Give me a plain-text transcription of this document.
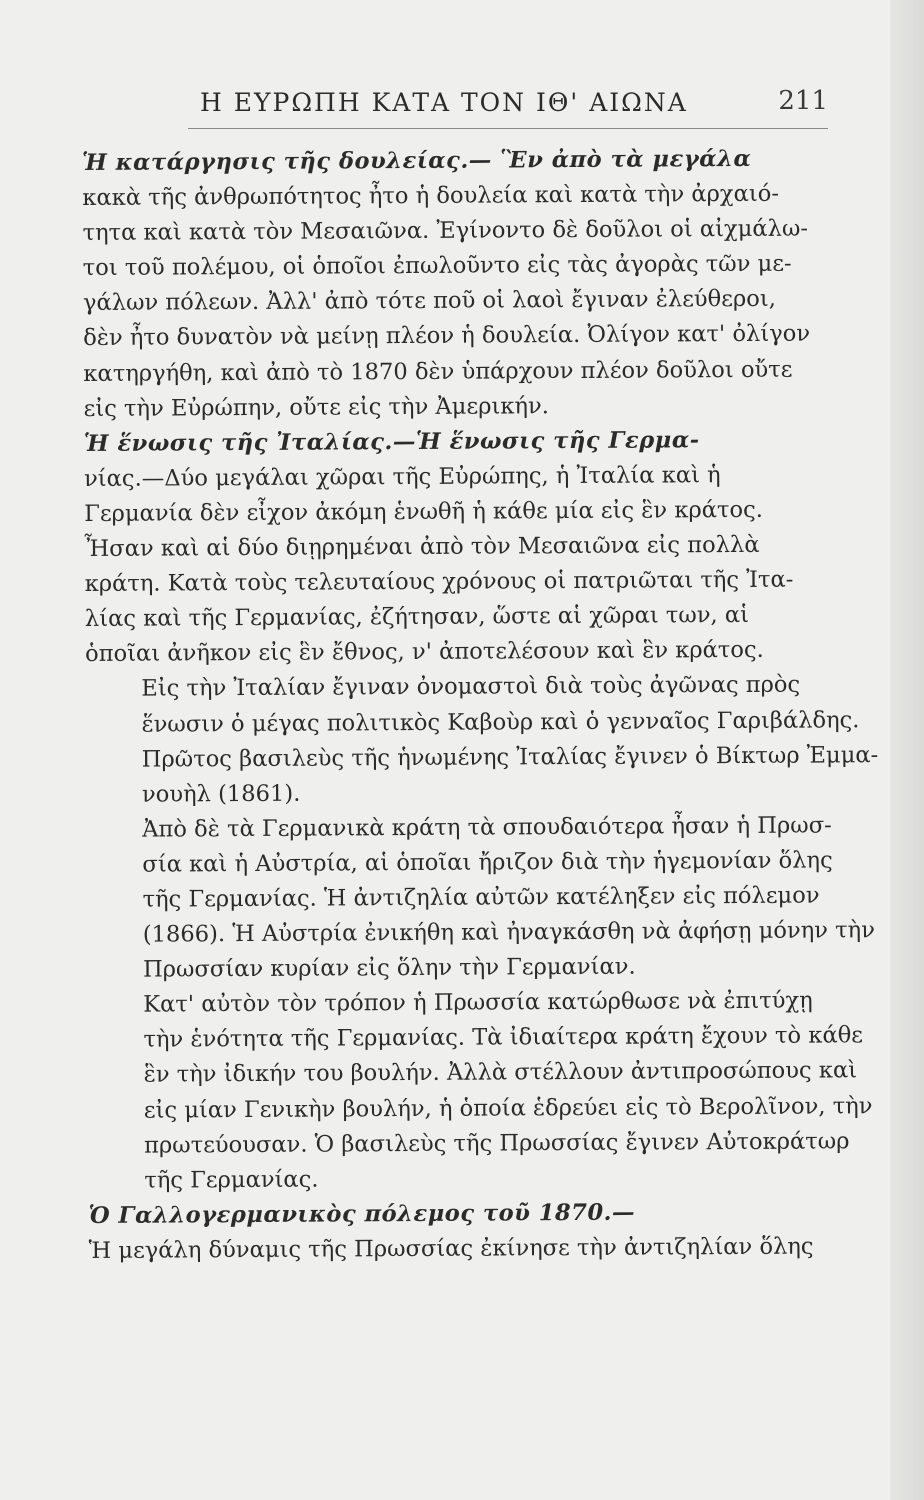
Η ΕΥΡΩΠΗ ΚΑΤΑ ΤΟΝ ΙΘ' ΑΙΩΝΑ	211

Ἡ κατάργησις τῆς δουλείας.— Ἓν ἀπὸ τὰ μεγάλα
κακὰ τῆς ἀνθρωπότητος ἦτο ἡ δουλεία καὶ κατὰ τὴν ἀρχαιό-
τητα καὶ κατὰ τὸν Μεσαιῶνα. Ἐγίνοντο δὲ δοῦλοι οἱ αἰχμάλω-
τοι τοῦ πολέμου, οἱ ὁποῖοι ἐπωλοῦντο εἰς τὰς ἀγορὰς τῶν με-
γάλων πόλεων. Ἀλλ' ἀπὸ τότε ποῦ οἱ λαοὶ ἔγιναν ἐλεύθεροι,
δὲν ἦτο δυνατὸν νὰ μείνῃ πλέον ἡ δουλεία. Ὀλίγον κατ' ὀλίγον
κατηργήθη, καὶ ἀπὸ τὸ 1870 δὲν ὑπάρχουν πλέον δοῦλοι οὔτε
εἰς τὴν Εὐρώπην, οὔτε εἰς τὴν Ἀμερικήν.

Ἡ ἕνωσις τῆς Ἰταλίας.—Ἡ ἕνωσις τῆς Γερμα-
νίας.—Δύο μεγάλαι χῶραι τῆς Εὐρώπης, ἡ Ἰταλία καὶ ἡ
Γερμανία δὲν εἶχον ἀκόμη ἑνωθῆ ἡ κάθε μία εἰς ἓν κράτος.
Ἦσαν καὶ αἱ δύο διῃρημέναι ἀπὸ τὸν Μεσαιῶνα εἰς πολλὰ
κράτη. Κατὰ τοὺς τελευταίους χρόνους οἱ πατριῶται τῆς Ἰτα-
λίας καὶ τῆς Γερμανίας, ἐζήτησαν, ὥστε αἱ χῶραι των, αἱ
ὁποῖαι ἀνῆκον εἰς ἓν ἔθνος, ν' ἀποτελέσουν καὶ ἓν κράτος.

Εἰς τὴν Ἰταλίαν ἔγιναν ὀνομαστοὶ διὰ τοὺς ἀγῶνας πρὸς
ἕνωσιν ὁ μέγας πολιτικὸς Καβοὺρ καὶ ὁ γενναῖος Γαριβάλδης.
Πρῶτος βασιλεὺς τῆς ἡνωμένης Ἰταλίας ἔγινεν ὁ Βίκτωρ Ἐμμα-
νουὴλ (1861).

Ἀπὸ δὲ τὰ Γερμανικὰ κράτη τὰ σπουδαιότερα ἦσαν ἡ Πρωσ-
σία καὶ ἡ Αὐστρία, αἱ ὁποῖαι ἤριζον διὰ τὴν ἡγεμονίαν ὅλης
τῆς Γερμανίας. Ἡ ἀντιζηλία αὐτῶν κατέληξεν εἰς πόλεμον
(1866). Ἡ Αὐστρία ἐνικήθη καὶ ἠναγκάσθη νὰ ἀφήσῃ μόνην τὴν
Πρωσσίαν κυρίαν εἰς ὅλην τὴν Γερμανίαν.

Κατ' αὐτὸν τὸν τρόπον ἡ Πρωσσία κατώρθωσε νὰ ἐπιτύχῃ
τὴν ἑνότητα τῆς Γερμανίας. Τὰ ἰδιαίτερα κράτη ἔχουν τὸ κάθε
ἓν τὴν ἰδικήν του βουλήν. Ἀλλὰ στέλλουν ἀντιπροσώπους καὶ
εἰς μίαν Γενικὴν βουλήν, ἡ ὁποία ἑδρεύει εἰς τὸ Βερολῖνον, τὴν
πρωτεύουσαν. Ὁ βασιλεὺς τῆς Πρωσσίας ἔγινεν Αὐτοκράτωρ
τῆς Γερμανίας.

Ὁ Γαλλογερμανικὸς πόλεμος τοῦ 1870.—
Ἡ μεγάλη δύναμις τῆς Πρωσσίας ἐκίνησε τὴν ἀντιζηλίαν ὅλης
